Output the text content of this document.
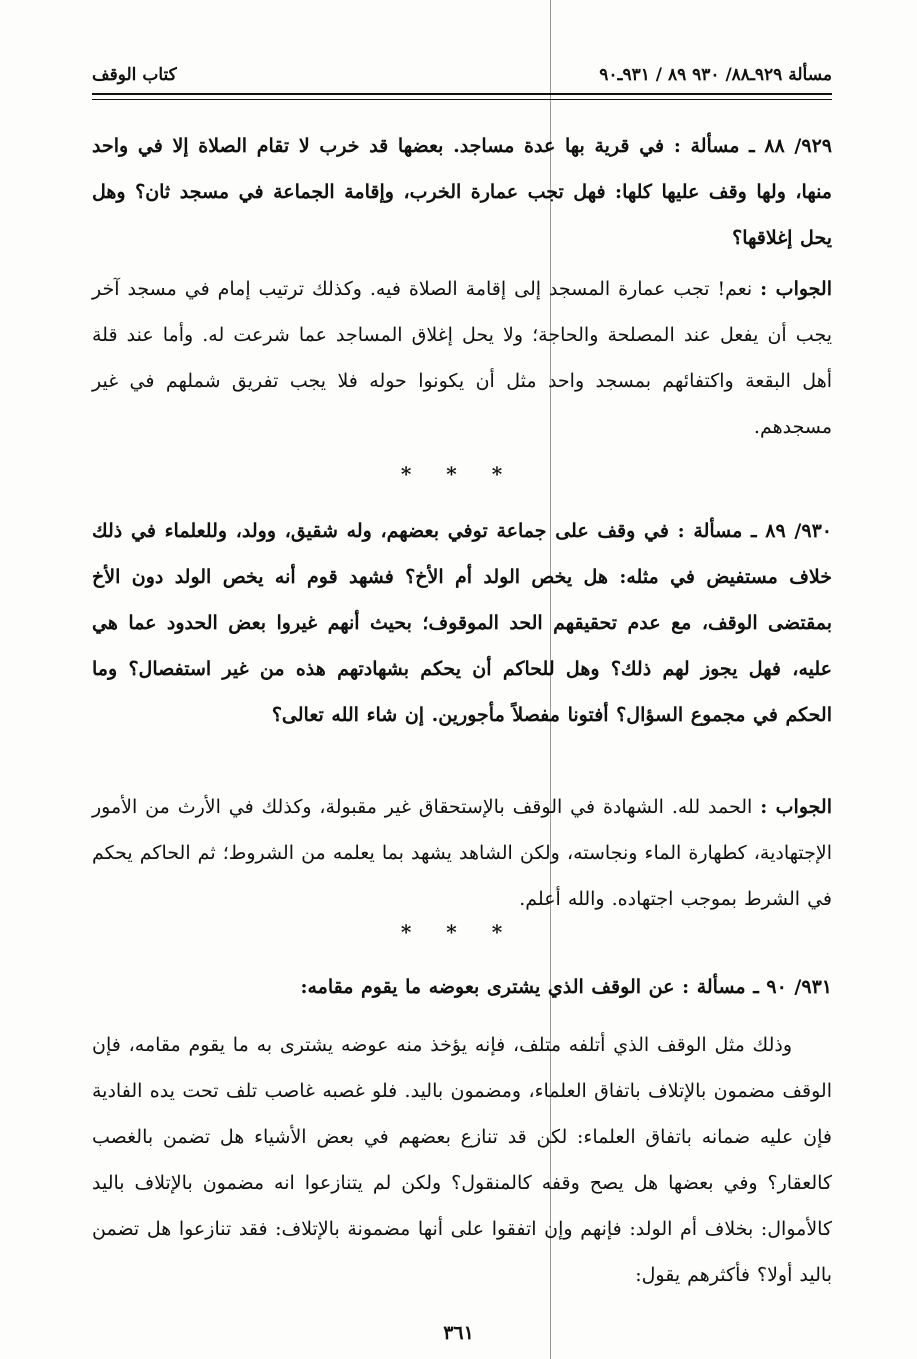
مسألة ٩٢٩ـ٨٨/ ٩٣٠ ٨٩ / ٩٣١ـ٩٠
كتاب الوقف
٩٢٩/ ٨٨ ـ مسألة : في قرية بها عدة مساجد. بعضها قد خرب لا تقام الصلاة إلا في واحد منها، ولها وقف عليها كلها: فهل تجب عمارة الخرب، وإقامة الجماعة في مسجد ثان؟ وهل يحل إغلاقها؟
الجواب : نعم! تجب عمارة المسجد إلى إقامة الصلاة فيه. وكذلك ترتيب إمام في مسجد آخر يجب أن يفعل عند المصلحة والحاجة؛ ولا يحل إغلاق المساجد عما شرعت له. وأما عند قلة أهل البقعة واكتفائهم بمسجد واحد مثل أن يكونوا حوله فلا يجب تفريق شملهم في غير مسجدهم.
* * *
٩٣٠/ ٨٩ ـ مسألة : في وقف على جماعة توفي بعضهم، وله شقيق، وولد، وللعلماء في ذلك خلاف مستفيض في مثله: هل يخص الولد أم الأخ؟ فشهد قوم أنه يخص الولد دون الأخ بمقتضى الوقف، مع عدم تحقيقهم الحد الموقوف؛ بحيث أنهم غيروا بعض الحدود عما هي عليه، فهل يجوز لهم ذلك؟ وهل للحاكم أن يحكم بشهادتهم هذه من غير استفصال؟ وما الحكم في مجموع السؤال؟ أفتونا مفصلاً مأجورين. إن شاء الله تعالى؟
الجواب : الحمد لله. الشهادة في الوقف بالإستحقاق غير مقبولة، وكذلك في الأرث من الأمور الإجتهادية، كطهارة الماء ونجاسته، ولكن الشاهد يشهد بما يعلمه من الشروط؛ ثم الحاكم يحكم في الشرط بموجب اجتهاده. والله أعلم.
* * *
٩٣١/ ٩٠ ـ مسألة : عن الوقف الذي يشترى بعوضه ما يقوم مقامه:
وذلك مثل الوقف الذي أتلفه متلف، فإنه يؤخذ منه عوضه يشترى به ما يقوم مقامه، فإن الوقف مضمون بالإتلاف باتفاق العلماء، ومضمون باليد. فلو غصبه غاصب تلف تحت يده الفادية فإن عليه ضمانه باتفاق العلماء: لكن قد تنازع بعضهم في بعض الأشياء هل تضمن بالغصب كالعقار؟ وفي بعضها هل يصح وقفه كالمنقول؟ ولكن لم يتنازعوا انه مضمون بالإتلاف باليد كالأموال: بخلاف أم الولد: فإنهم وإن اتفقوا على أنها مضمونة بالإتلاف: فقد تنازعوا هل تضمن باليد أولا؟ فأكثرهم يقول:
٣٦١
